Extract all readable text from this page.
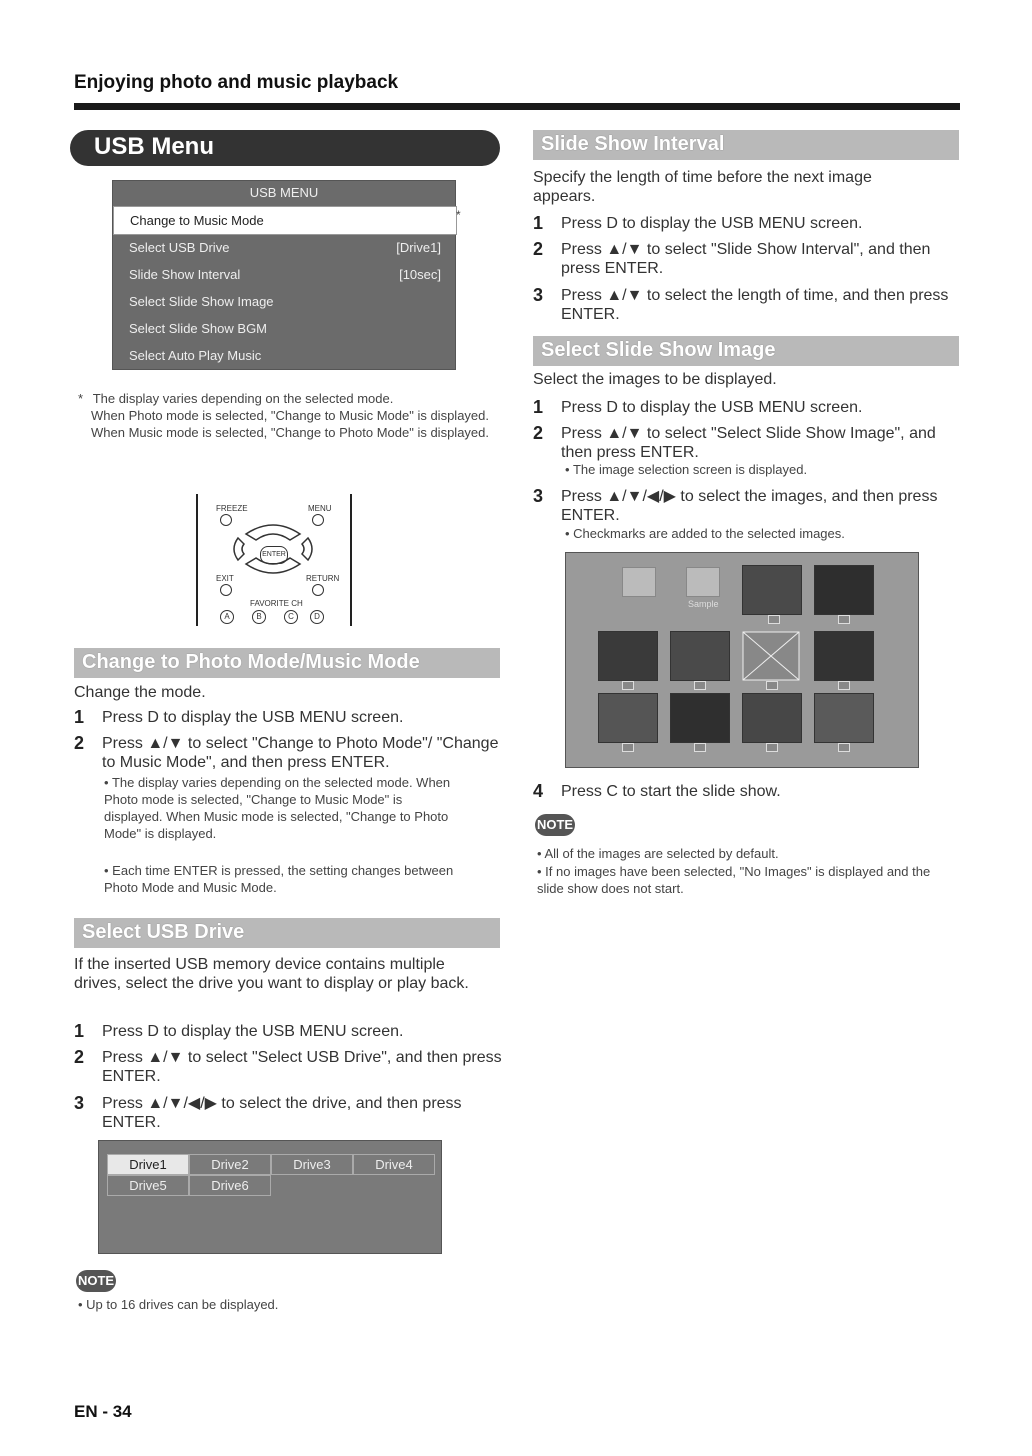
Enjoying photo and music playback
USB Menu
USB MENU
Change to Music Mode
Select USB Drive	[Drive1]
Slide Show Interval	[10sec]
Select Slide Show Image
Select Slide Show BGM
Select Auto Play Music
*
* The display varies depending on the selected mode.
When Photo mode is selected, "Change to Music Mode" is displayed.
When Music mode is selected, "Change to Photo Mode" is displayed.
FREEZE	MENU
ENTER
EXIT	RETURN
FAVORITE CH
A	B	C	D
Change to Photo Mode/Music Mode
Change the mode.
1 Press D to display the USB MENU screen.
2 Press ▲/▼ to select "Change to Photo Mode"/ "Change to Music Mode", and then press ENTER.
• The display varies depending on the selected mode. When Photo mode is selected, "Change to Music Mode" is displayed. When Music mode is selected, "Change to Photo Mode" is displayed.
• Each time ENTER is pressed, the setting changes between Photo Mode and Music Mode.
Select USB Drive
If the inserted USB memory device contains multiple drives, select the drive you want to display or play back.
1 Press D to display the USB MENU screen.
2 Press ▲/▼ to select "Select USB Drive", and then press ENTER.
3 Press ▲/▼/◀/▶ to select the drive, and then press ENTER.
Drive1	Drive2	Drive3	Drive4
Drive5	Drive6
NOTE
• Up to 16 drives can be displayed.
Slide Show Interval
Specify the length of time before the next image appears.
1 Press D to display the USB MENU screen.
2 Press ▲/▼ to select "Slide Show Interval", and then press ENTER.
3 Press ▲/▼ to select the length of time, and then press ENTER.
Select Slide Show Image
Select the images to be displayed.
1 Press D to display the USB MENU screen.
2 Press ▲/▼ to select "Select Slide Show Image", and then press ENTER.
• The image selection screen is displayed.
3 Press ▲/▼/◀/▶ to select the images, and then press ENTER.
• Checkmarks are added to the selected images.
Sample
4 Press C to start the slide show.
NOTE
• All of the images are selected by default.
• If no images have been selected, "No Images" is displayed and the slide show does not start.
EN - 34
